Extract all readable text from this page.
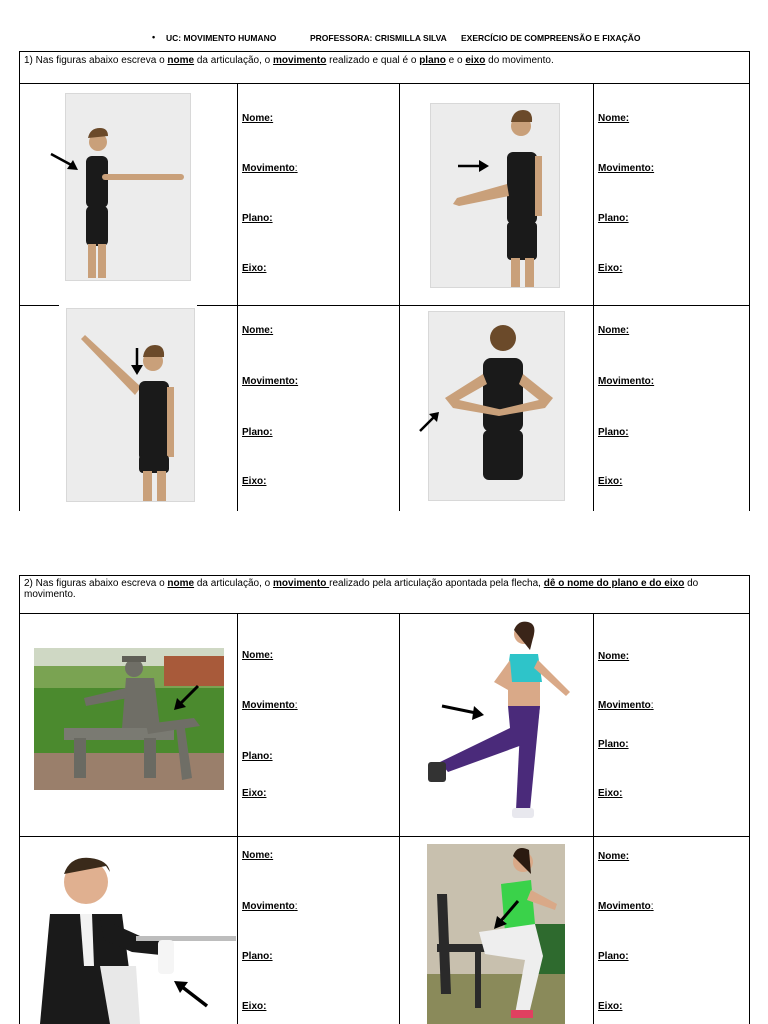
• UC: MOVIMENTO HUMANO	PROFESSORA: CRISMILLA SILVA EXERCÍCIO DE COMPREENSÃO E FIXAÇÃO
1) Nas figuras abaixo escreva o nome da articulação, o movimento realizado e qual é o plano e o eixo do movimento.
Nome:
Movimento:
Plano:
Eixo:
Nome:
Movimento:
Plano:
Eixo:
Nome:
Movimento:
Plano:
Eixo:
Nome:
Movimento:
Plano:
Eixo:
2) Nas figuras abaixo escreva o nome da articulação, o movimento realizado pela articulação apontada pela flecha, dê o nome do plano e do eixo do movimento.
Nome:
Movimento:
Plano:
Eixo:
Nome:
Movimento:
Plano:
Eixo:
Nome:
Movimento:
Plano:
Eixo:
Nome:
Movimento:
Plano:
Eixo:
